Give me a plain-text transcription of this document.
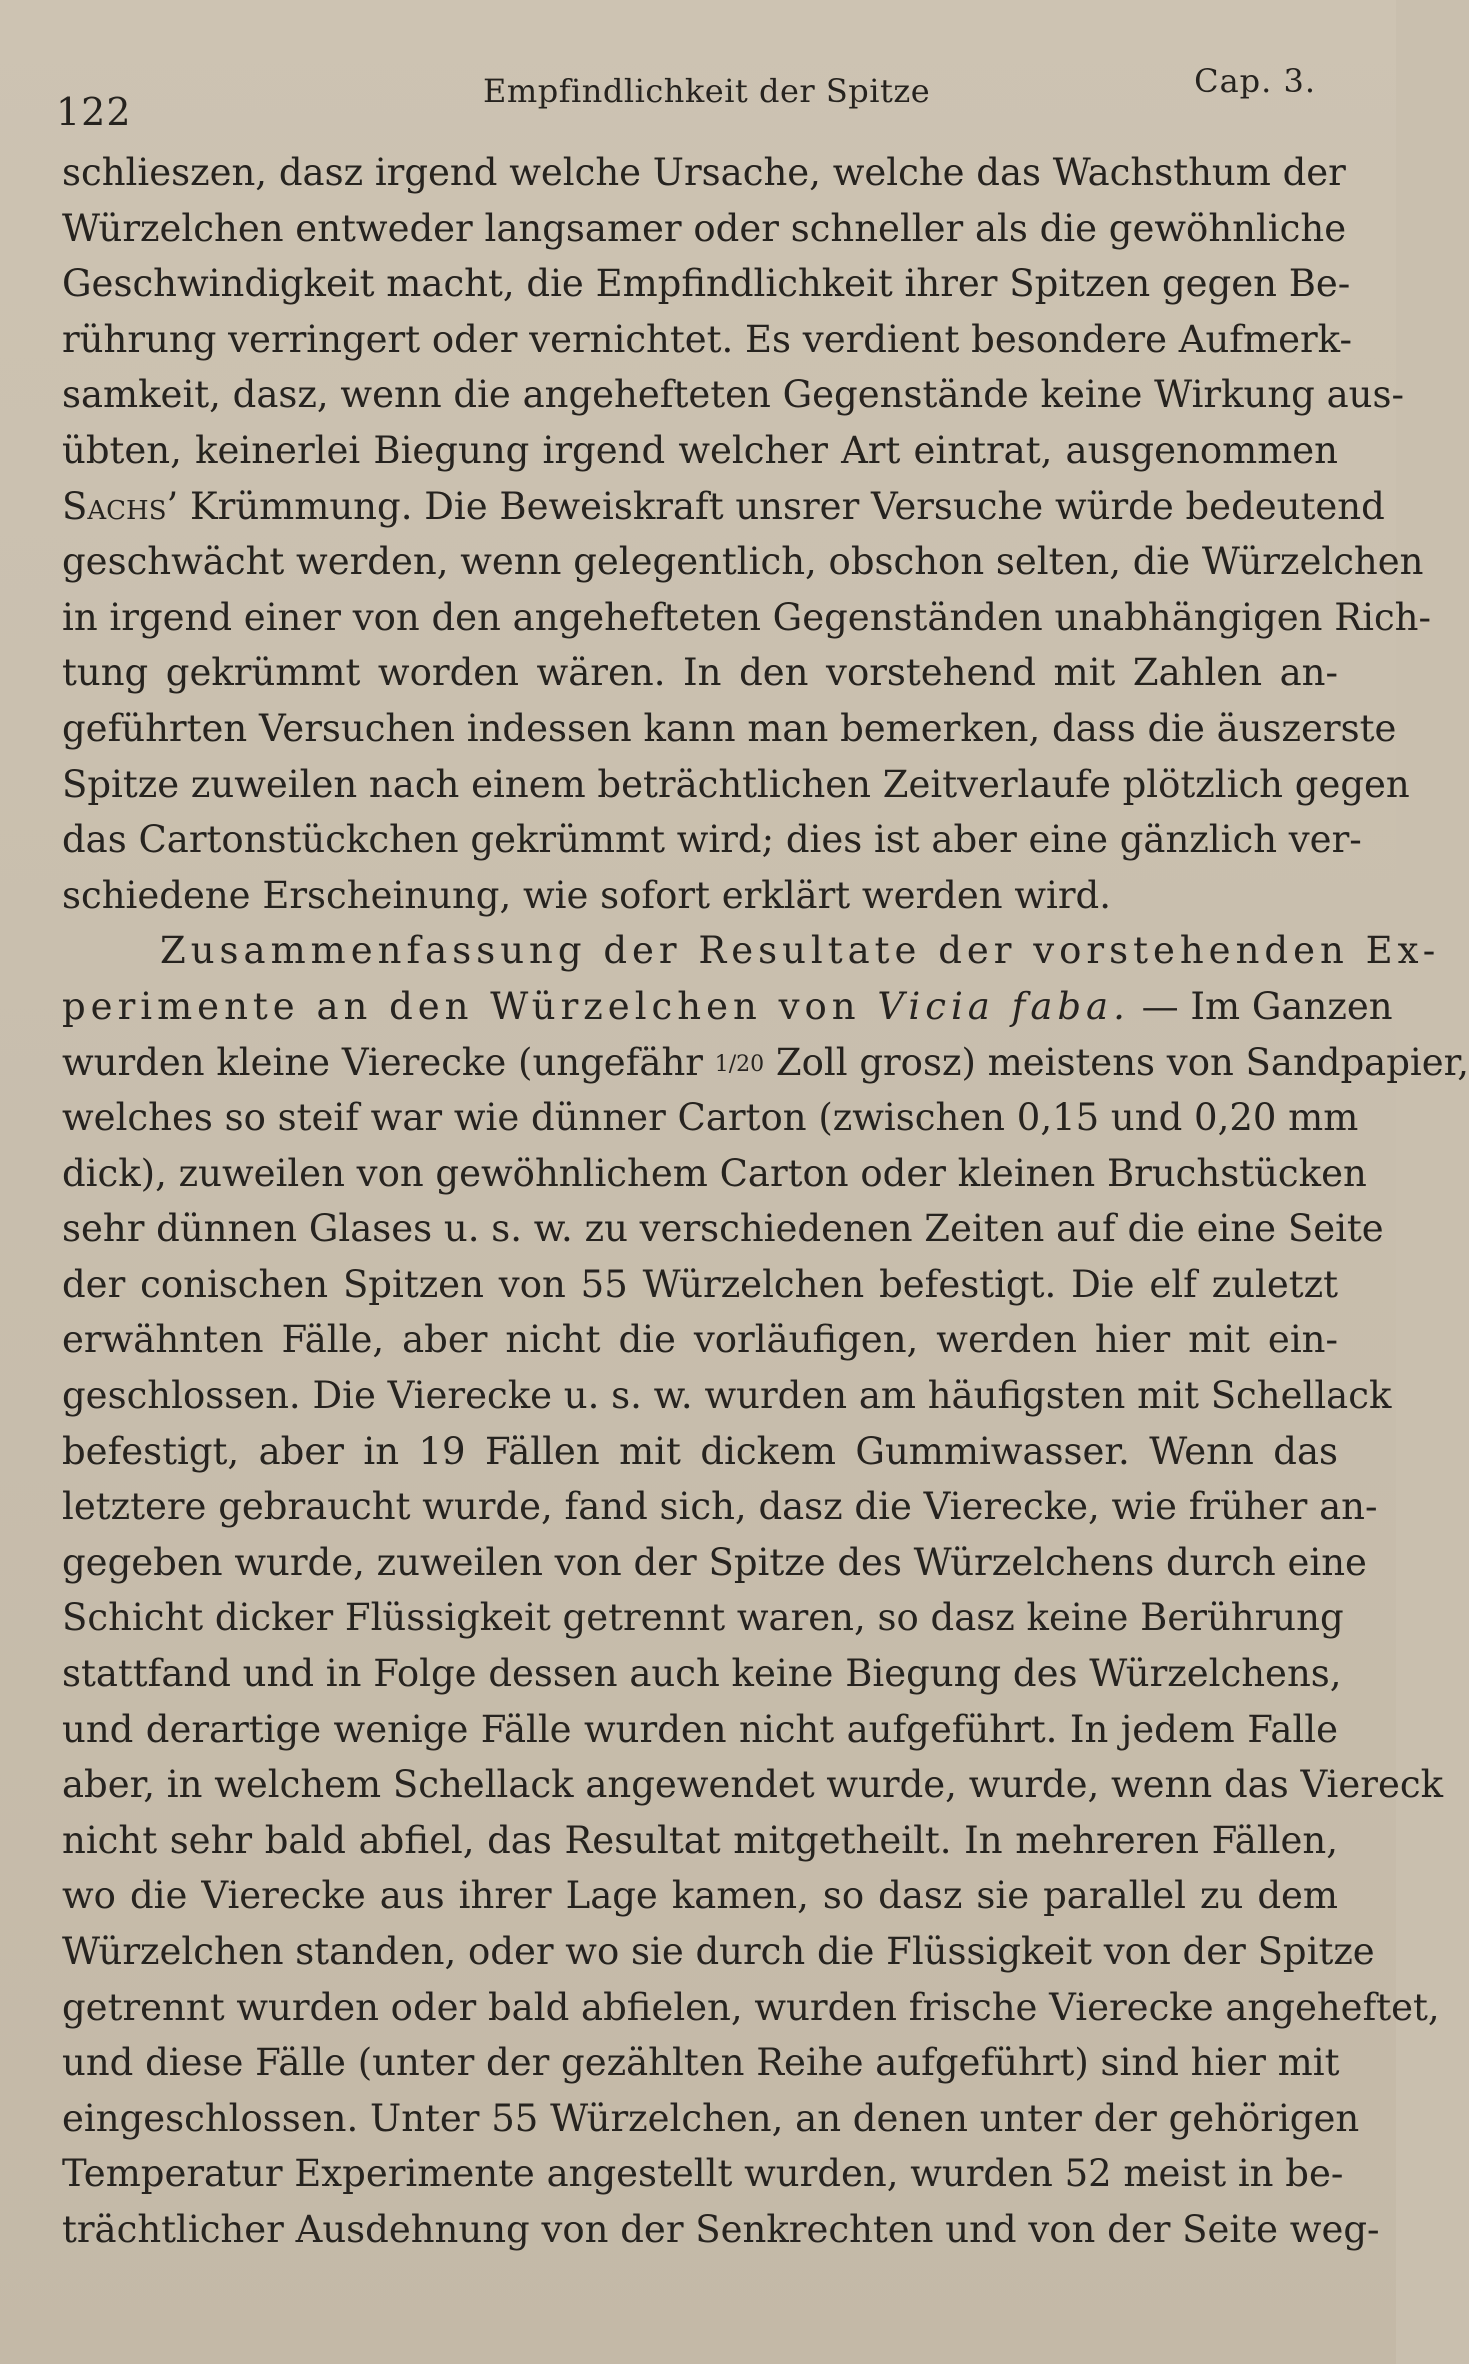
122	Empfindlichkeit der Spitze	Cap. 3.
schlieszen, dasz irgend welche Ursache, welche das Wachsthum der
Würzelchen entweder langsamer oder schneller als die gewöhnliche
Geschwindigkeit macht, die Empfindlichkeit ihrer Spitzen gegen Be-
rührung verringert oder vernichtet. Es verdient besondere Aufmerk-
samkeit, dasz, wenn die angehefteten Gegenstände keine Wirkung aus-
übten, keinerlei Biegung irgend welcher Art eintrat, ausgenommen
Sachs’ Krümmung. Die Beweiskraft unsrer Versuche würde bedeutend
geschwächt werden, wenn gelegentlich, obschon selten, die Würzelchen
in irgend einer von den angehefteten Gegenständen unabhängigen Rich-
tung gekrümmt worden wären. In den vorstehend mit Zahlen an-
geführten Versuchen indessen kann man bemerken, dass die äuszerste
Spitze zuweilen nach einem beträchtlichen Zeitverlaufe plötzlich gegen
das Cartonstückchen gekrümmt wird; dies ist aber eine gänzlich ver-
schiedene Erscheinung, wie sofort erklärt werden wird.
Zusammenfassung der Resultate der vorstehenden Ex-
perimente an den Würzelchen von Vicia faba. — Im Ganzen
wurden kleine Vierecke (ungefähr 1/20 Zoll grosz) meistens von Sandpapier,
welches so steif war wie dünner Carton (zwischen 0,15 und 0,20 mm
dick), zuweilen von gewöhnlichem Carton oder kleinen Bruchstücken
sehr dünnen Glases u. s. w. zu verschiedenen Zeiten auf die eine Seite
der conischen Spitzen von 55 Würzelchen befestigt. Die elf zuletzt
erwähnten Fälle, aber nicht die vorläufigen, werden hier mit ein-
geschlossen. Die Vierecke u. s. w. wurden am häufigsten mit Schellack
befestigt, aber in 19 Fällen mit dickem Gummiwasser. Wenn das
letztere gebraucht wurde, fand sich, dasz die Vierecke, wie früher an-
gegeben wurde, zuweilen von der Spitze des Würzelchens durch eine
Schicht dicker Flüssigkeit getrennt waren, so dasz keine Berührung
stattfand und in Folge dessen auch keine Biegung des Würzelchens,
und derartige wenige Fälle wurden nicht aufgeführt. In jedem Falle
aber, in welchem Schellack angewendet wurde, wurde, wenn das Viereck
nicht sehr bald abfiel, das Resultat mitgetheilt. In mehreren Fällen,
wo die Vierecke aus ihrer Lage kamen, so dasz sie parallel zu dem
Würzelchen standen, oder wo sie durch die Flüssigkeit von der Spitze
getrennt wurden oder bald abfielen, wurden frische Vierecke angeheftet,
und diese Fälle (unter der gezählten Reihe aufgeführt) sind hier mit
eingeschlossen. Unter 55 Würzelchen, an denen unter der gehörigen
Temperatur Experimente angestellt wurden, wurden 52 meist in be-
trächtlicher Ausdehnung von der Senkrechten und von der Seite weg-
